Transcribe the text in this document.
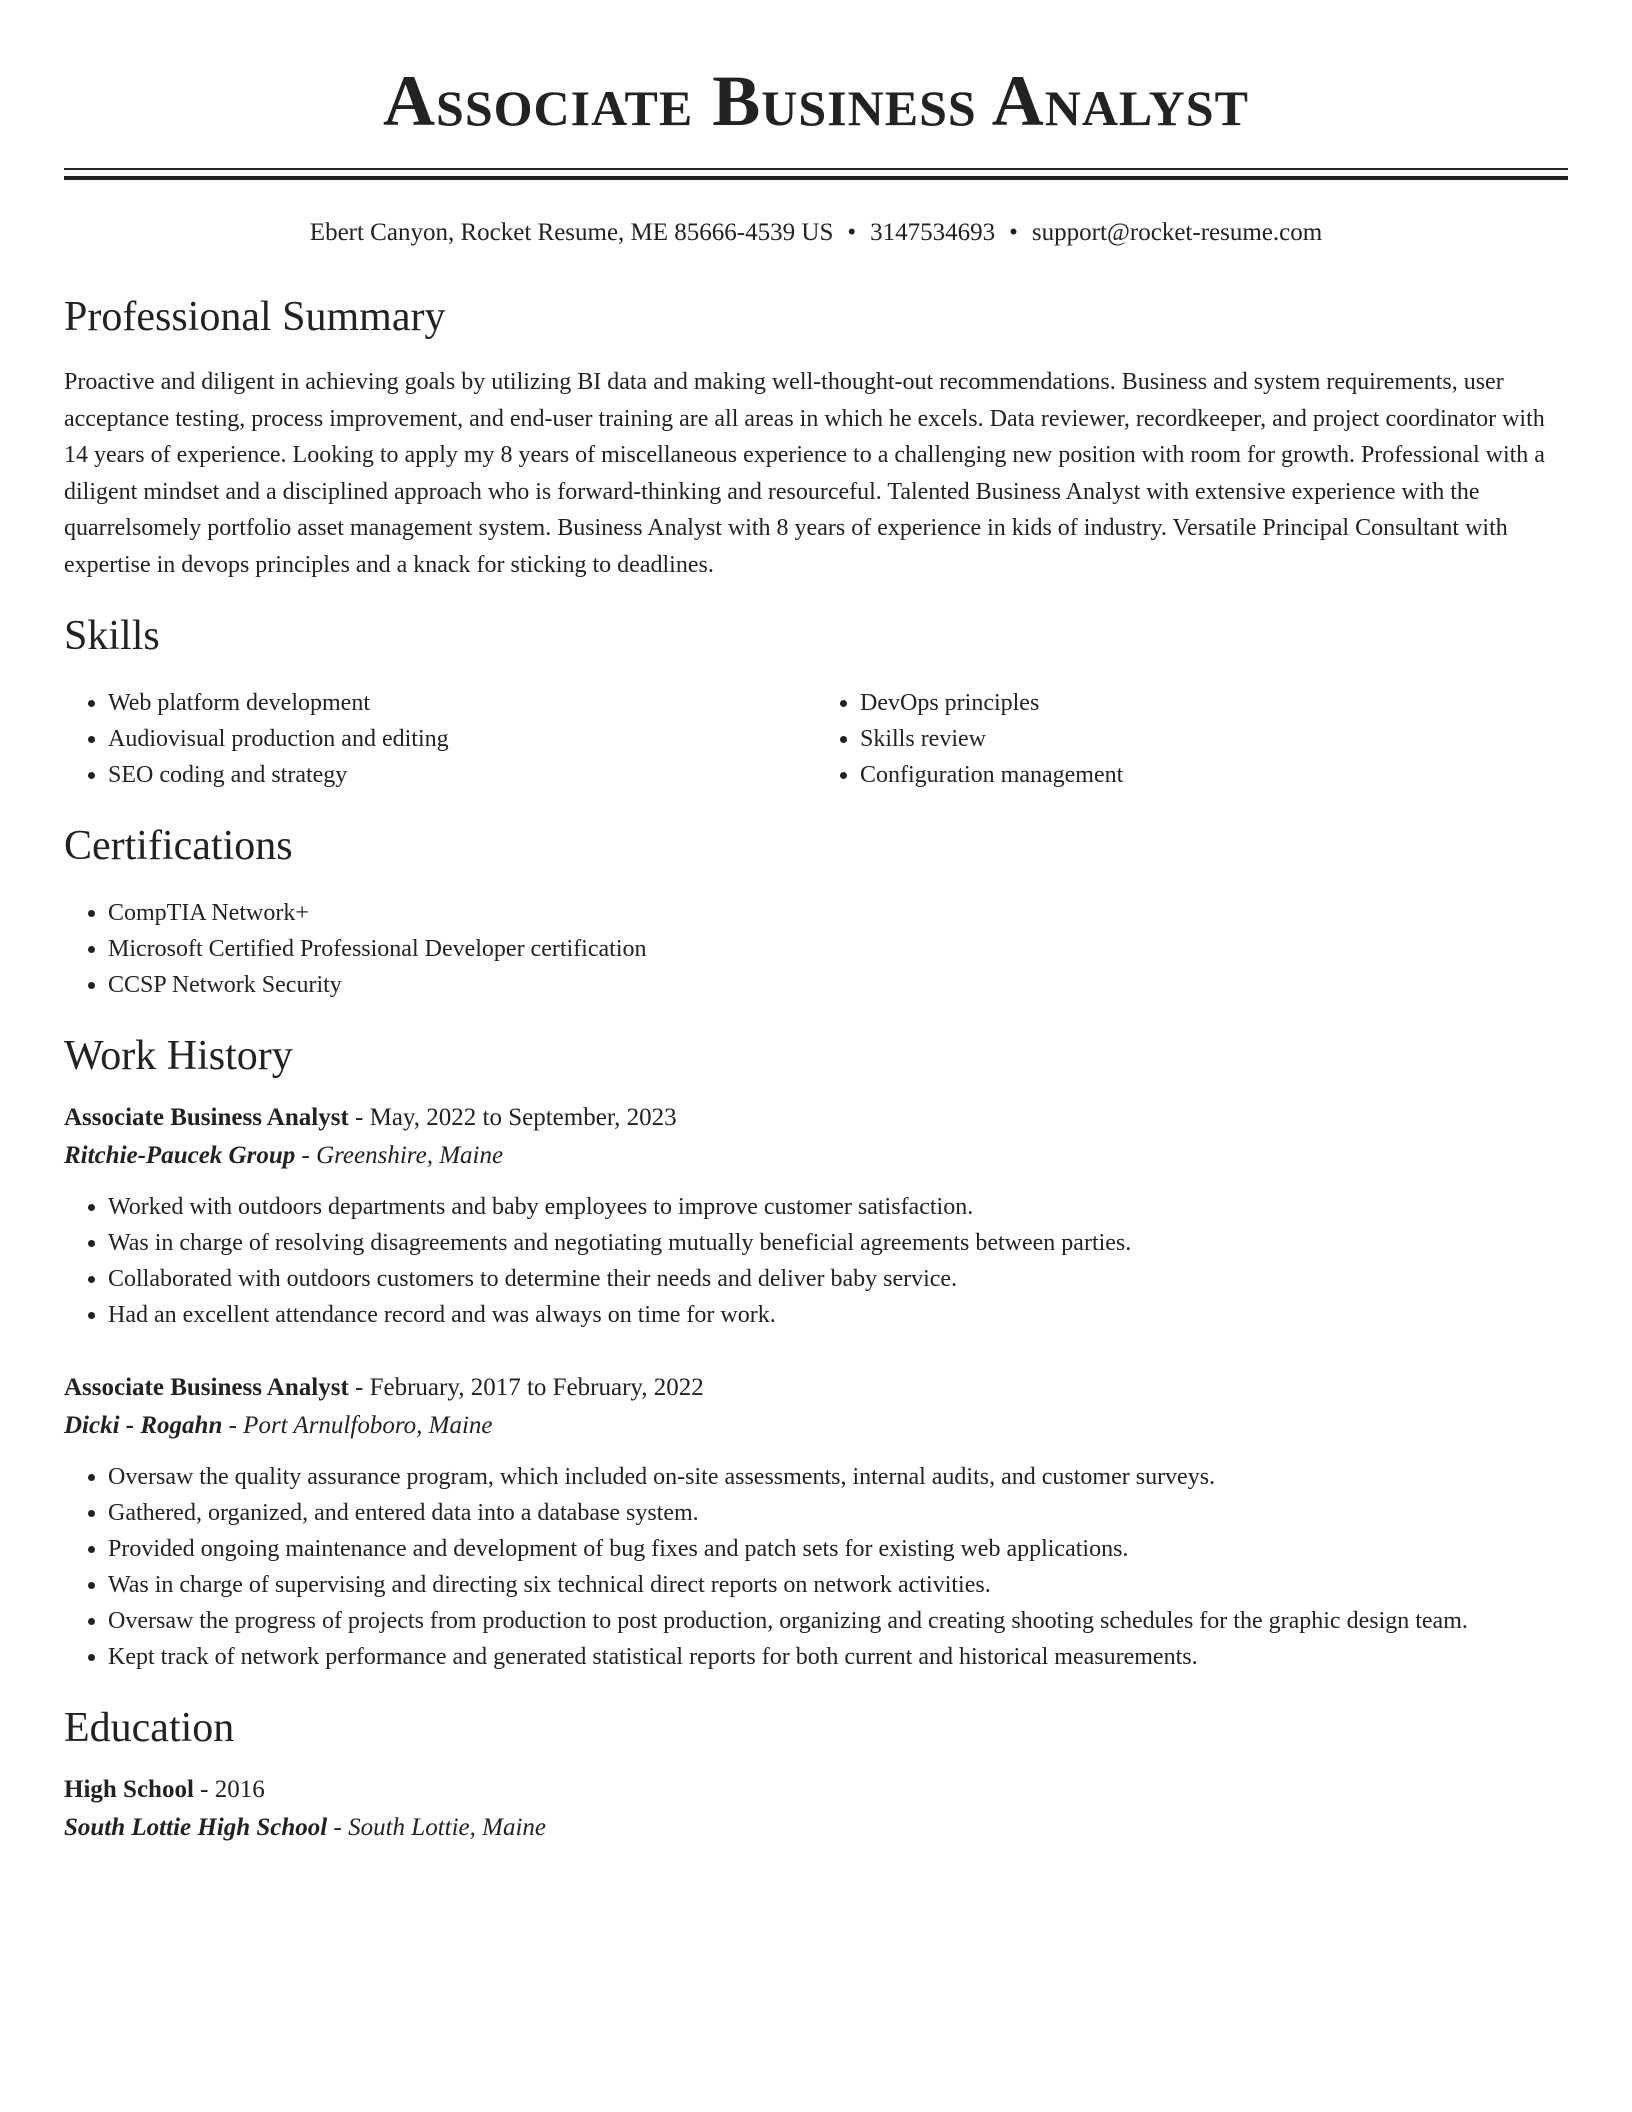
Associate Business Analyst
Ebert Canyon, Rocket Resume, ME 85666-4539 US • 3147534693 • support@rocket-resume.com
Professional Summary

Proactive and diligent in achieving goals by utilizing BI data and making well-thought-out recommendations. Business and system requirements, user acceptance testing, process improvement, and end-user training are all areas in which he excels. Data reviewer, recordkeeper, and project coordinator with 14 years of experience. Looking to apply my 8 years of miscellaneous experience to a challenging new position with room for growth. Professional with a diligent mindset and a disciplined approach who is forward-thinking and resourceful. Talented Business Analyst with extensive experience with the quarrelsomely portfolio asset management system. Business Analyst with 8 years of experience in kids of industry. Versatile Principal Consultant with expertise in devops principles and a knack for sticking to deadlines.

Skills
• Web platform development
• Audiovisual production and editing
• SEO coding and strategy
• DevOps principles
• Skills review
• Configuration management
Certifications
• CompTIA Network+
• Microsoft Certified Professional Developer certification
• CCSP Network Security
Work History
Associate Business Analyst - May, 2022 to September, 2023
Ritchie-Paucek Group - Greenshire, Maine
• Worked with outdoors departments and baby employees to improve customer satisfaction.
• Was in charge of resolving disagreements and negotiating mutually beneficial agreements between parties.
• Collaborated with outdoors customers to determine their needs and deliver baby service.
• Had an excellent attendance record and was always on time for work.
Associate Business Analyst - February, 2017 to February, 2022
Dicki - Rogahn - Port Arnulfoboro, Maine
• Oversaw the quality assurance program, which included on-site assessments, internal audits, and customer surveys.
• Gathered, organized, and entered data into a database system.
• Provided ongoing maintenance and development of bug fixes and patch sets for existing web applications.
• Was in charge of supervising and directing six technical direct reports on network activities.
• Oversaw the progress of projects from production to post production, organizing and creating shooting schedules for the graphic design team.
• Kept track of network performance and generated statistical reports for both current and historical measurements.
Education
High School - 2016
South Lottie High School - South Lottie, Maine
